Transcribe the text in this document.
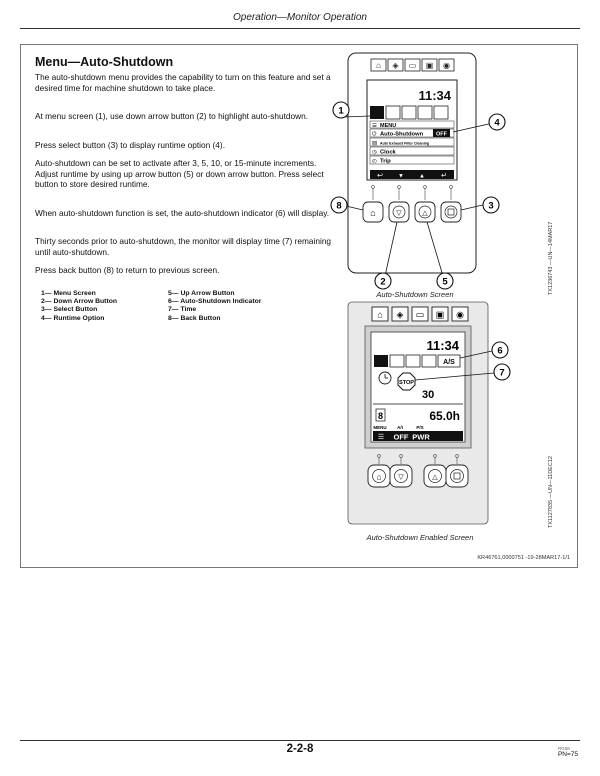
Operation—Monitor Operation
Menu—Auto-Shutdown

The auto-shutdown menu provides the capability to turn on this feature and set a desired time for machine shutdown to take place.

At menu screen (1), use down arrow button (2) to highlight auto-shutdown.

Press select button (3) to display runtime option (4).

Auto-shutdown can be set to activate after 3, 5, 10, or 15-minute increments. Adjust runtime by using up arrow button (5) or down arrow button. Press select button to store desired runtime.

When auto-shutdown function is set, the auto-shutdown indicator (6) will display.

Thirty seconds prior to auto-shutdown, the monitor will display time (7) remaining until auto-shutdown.

Press back button (8) to return to previous screen.

1— Menu Screen
2— Down Arrow Button
3— Select Button
4— Runtime Option
5— Up Arrow Button
6— Auto-Shutdown Indicator
7— Time
8— Back Button
⌂ ◈ ▭ ▣ ◉
11:34
MENU
☰
⏻ Auto-Shutdown OFF
Auto Exhaust Filter Cleaning
▤
◷ Clock
◴ Trip
↩	▼	▲ ↵
⌂	▽	△
1
4
3
8
2	5
Auto-Shutdown Screen	TX1236743 —UN—14MAR17
⌂ ◈ ▭ ▣ ◉
11:34
A/S
STOP
30
8	65.0h
MENU A/I	P/S
☰ OFF PWR
⌂ ▽	△
6
7
TX1127835 —UN—11DEC12
Auto-Shutdown Enabled Screen
KR46761,0000751 -19-28MAR17-1/1
2-2-8	RG58
PN=75
